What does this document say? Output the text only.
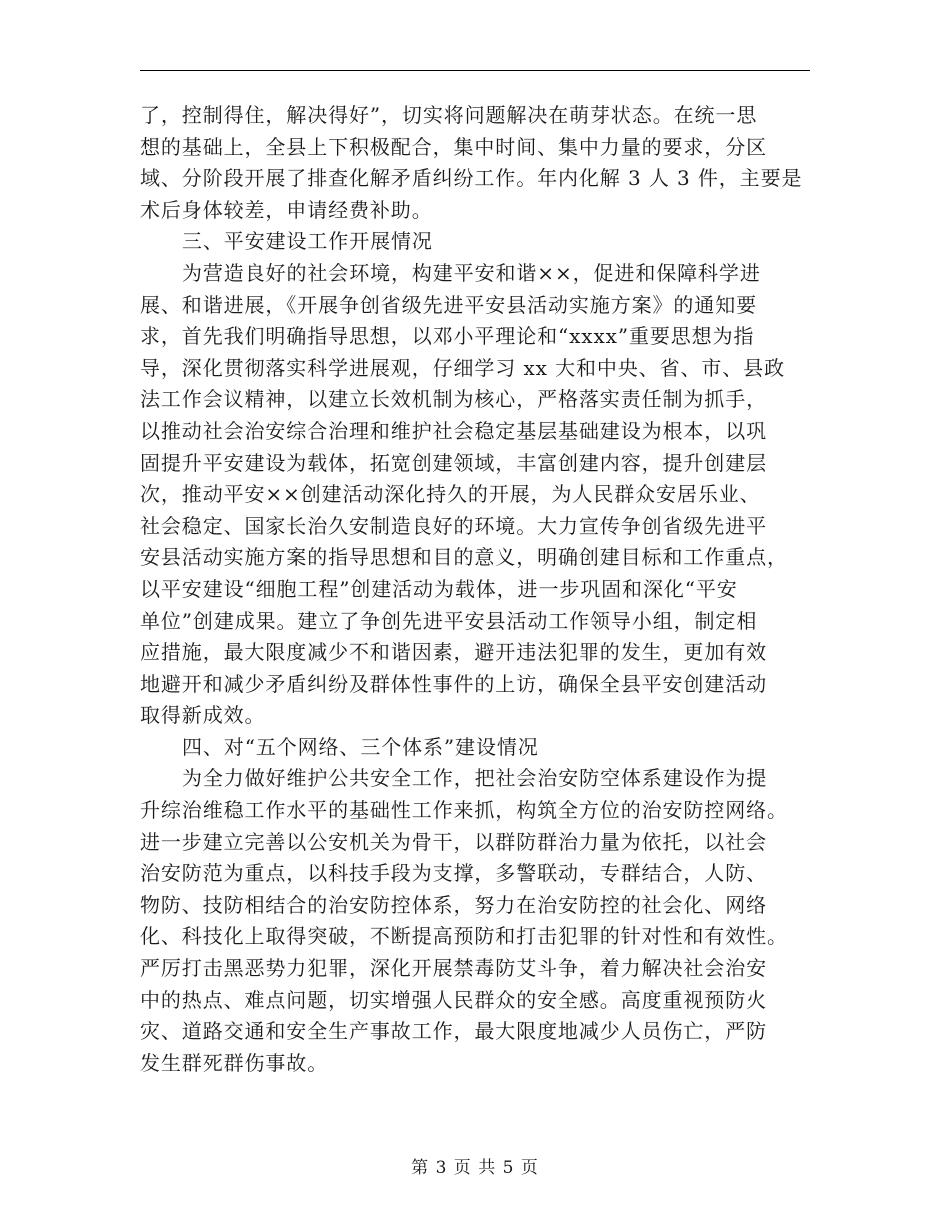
了，控制得住，解决得好”，切实将问题解决在萌芽状态。在统一思
想的基础上，全县上下积极配合，集中时间、集中力量的要求，分区
域、分阶段开展了排查化解矛盾纠纷工作。年内化解 3 人 3 件，主要是
术后身体较差，申请经费补助。
三、平安建设工作开展情况
为营造良好的社会环境，构建平安和谐××，促进和保障科学进
展、和谐进展，《开展争创省级先进平安县活动实施方案》的通知要
求，首先我们明确指导思想，以邓小平理论和“xxxx”重要思想为指
导，深化贯彻落实科学进展观，仔细学习 xx 大和中央、省、市、县政
法工作会议精神，以建立长效机制为核心，严格落实责任制为抓手，
以推动社会治安综合治理和维护社会稳定基层基础建设为根本，以巩
固提升平安建设为载体，拓宽创建领域，丰富创建内容，提升创建层
次，推动平安××创建活动深化持久的开展，为人民群众安居乐业、
社会稳定、国家长治久安制造良好的环境。大力宣传争创省级先进平
安县活动实施方案的指导思想和目的意义，明确创建目标和工作重点，
以平安建设“细胞工程”创建活动为载体，进一步巩固和深化“平安
单位”创建成果。建立了争创先进平安县活动工作领导小组，制定相
应措施，最大限度减少不和谐因素，避开违法犯罪的发生，更加有效
地避开和减少矛盾纠纷及群体性事件的上访，确保全县平安创建活动
取得新成效。
四、对“五个网络、三个体系”建设情况
为全力做好维护公共安全工作，把社会治安防空体系建设作为提
升综治维稳工作水平的基础性工作来抓，构筑全方位的治安防控网络。
进一步建立完善以公安机关为骨干，以群防群治力量为依托，以社会
治安防范为重点，以科技手段为支撑，多警联动，专群结合，人防、
物防、技防相结合的治安防控体系，努力在治安防控的社会化、网络
化、科技化上取得突破，不断提高预防和打击犯罪的针对性和有效性。
严厉打击黑恶势力犯罪，深化开展禁毒防艾斗争，着力解决社会治安
中的热点、难点问题，切实增强人民群众的安全感。高度重视预防火
灾、道路交通和安全生产事故工作，最大限度地减少人员伤亡，严防
发生群死群伤事故。
第 3 页 共 5 页
